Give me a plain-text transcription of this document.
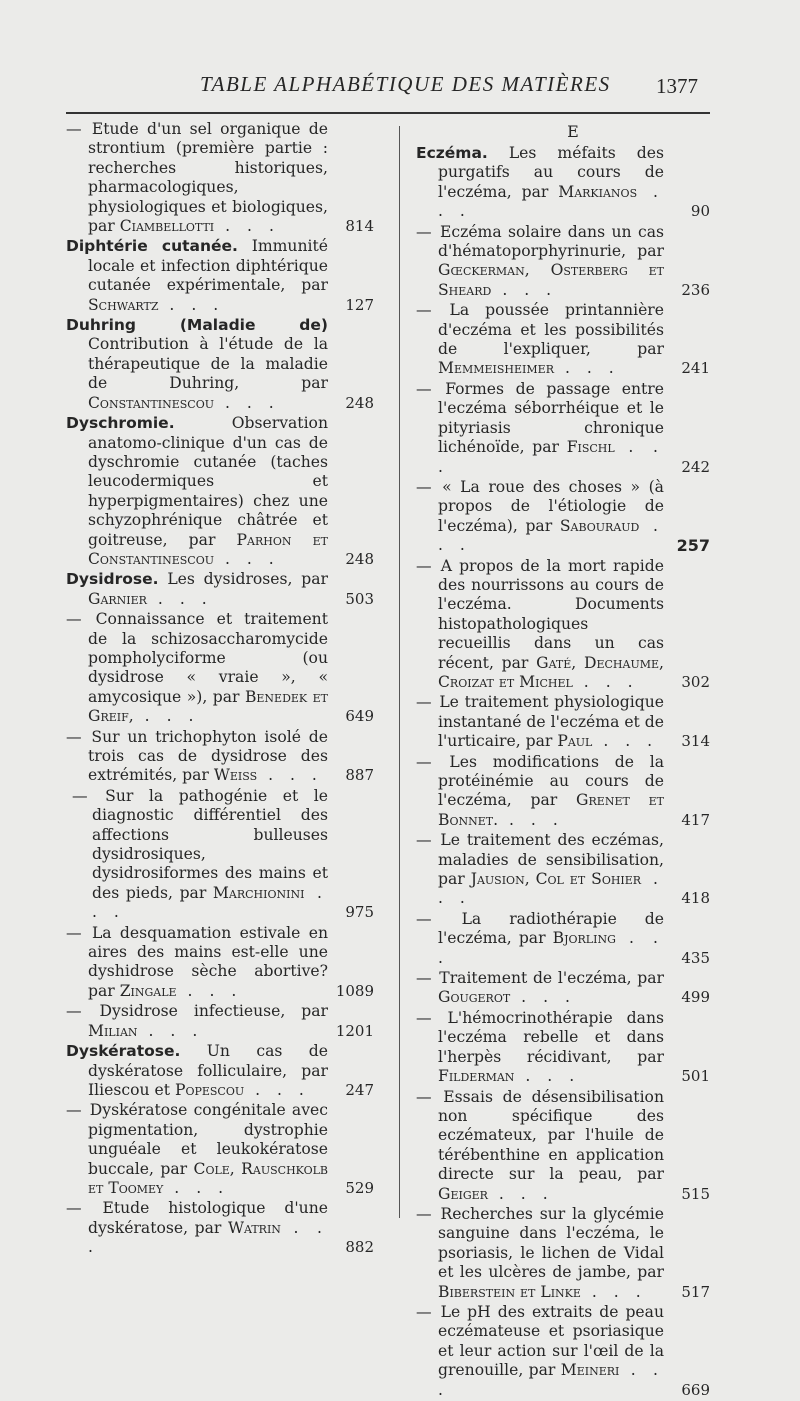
TABLE ALPHABÉTIQUE DES MATIÈRES 1377
— Etude d'un sel organique de strontium (première partie : recherches historiques, pharmacologiques, physiologiques et biologiques, par Ciambellotti . . .	814
Diphtérie cutanée. Immunité locale et infection diphtérique cutanée expérimentale, par Schwartz . . .	127
Duhring (Maladie de) Contribution à l'étude de la thérapeutique de la maladie de Duhring, par Constantinescou . . .	248
Dyschromie.	Observation anatomo-clinique d'un cas de dyschromie cutanée (taches leucodermiques et hyperpigmentaires) chez une schyzophrénique châtrée et goitreuse, par Parhon et Constantinescou . . .	248
Dysidrose. Les dysidroses, par Garnier . . .	503
— Connaissance et traitement de la schizosaccharomycide pompholyciforme (ou dysidrose « vraie », « amycosique »), par Benedek et Greif, . . .	649
— Sur un trichophyton isolé de trois cas de dysidrose des extrémités, par Weiss . . .	887
— Sur la pathogénie et le diagnostic différentiel des affections bulleuses dysidrosiques, dysidrosiformes des mains et des pieds, par Marchionini . . .	975
— La desquamation estivale en aires des mains est-elle une dyshidrose sèche abortive? par Zingale . . .	1089
— Dysidrose infectieuse, par Milian . . .	1201
Dyskératose. Un cas de dyskératose folliculaire, par Iliescou et Popescou . . .	247
— Dyskératose congénitale avec pigmentation, dystrophie unguéale et leukokératose buccale, par Cole, Rauschkolb et Toomey . . .	529
— Etude histologique d'une dyskératose, par Watrin . . .	882
E
Eczéma. Les méfaits des purgatifs au cours de l'eczéma, par Markianos . . .	90
— Eczéma solaire dans un cas d'hématoporphyrinurie, par Gœckerman, Osterberg et Sheard . . .	236
— La poussée printannière d'eczéma et les possibilités de l'expliquer, par Memmeisheimer . . .	241
— Formes de passage entre l'eczéma séborrhéique et le pityriasis chronique lichénoïde, par Fischl . . .	242
— « La roue des choses » (à propos de l'étiologie de l'eczéma), par Sabouraud . . .	257
— A propos de la mort rapide des nourrissons au cours de l'eczéma. Documents histopathologiques recueillis dans un cas récent, par Gaté, Dechaume, Croizat et Michel . . .	302
— Le traitement physiologique instantané de l'eczéma et de l'urticaire, par Paul . . .	314
— Les modifications de la protéinémie au cours de l'eczéma, par Grenet et Bonnet. . . .	417
— Le traitement des eczémas, maladies de sensibilisation, par Jausion, Col et Sohier . . .	418
— La radiothérapie de l'eczéma, par Bjorling . . .	435
— Traitement de l'eczéma, par Gougerot . . .	499
— L'hémocrinothérapie dans l'eczéma rebelle et dans l'herpès récidivant, par Filderman . . .	501
— Essais de désensibilisation non spécifique des eczémateux, par l'huile de térébenthine en application directe sur la peau, par Geiger . . .	515
— Recherches sur la glycémie sanguine dans l'eczéma, le psoriasis, le lichen de Vidal et les ulcères de jambe, par Biberstein et Linke . . .	517
— Le pH des extraits de peau eczémateuse et psoriasique et leur action sur l'œil de la grenouille, par Meineri . . .	669
